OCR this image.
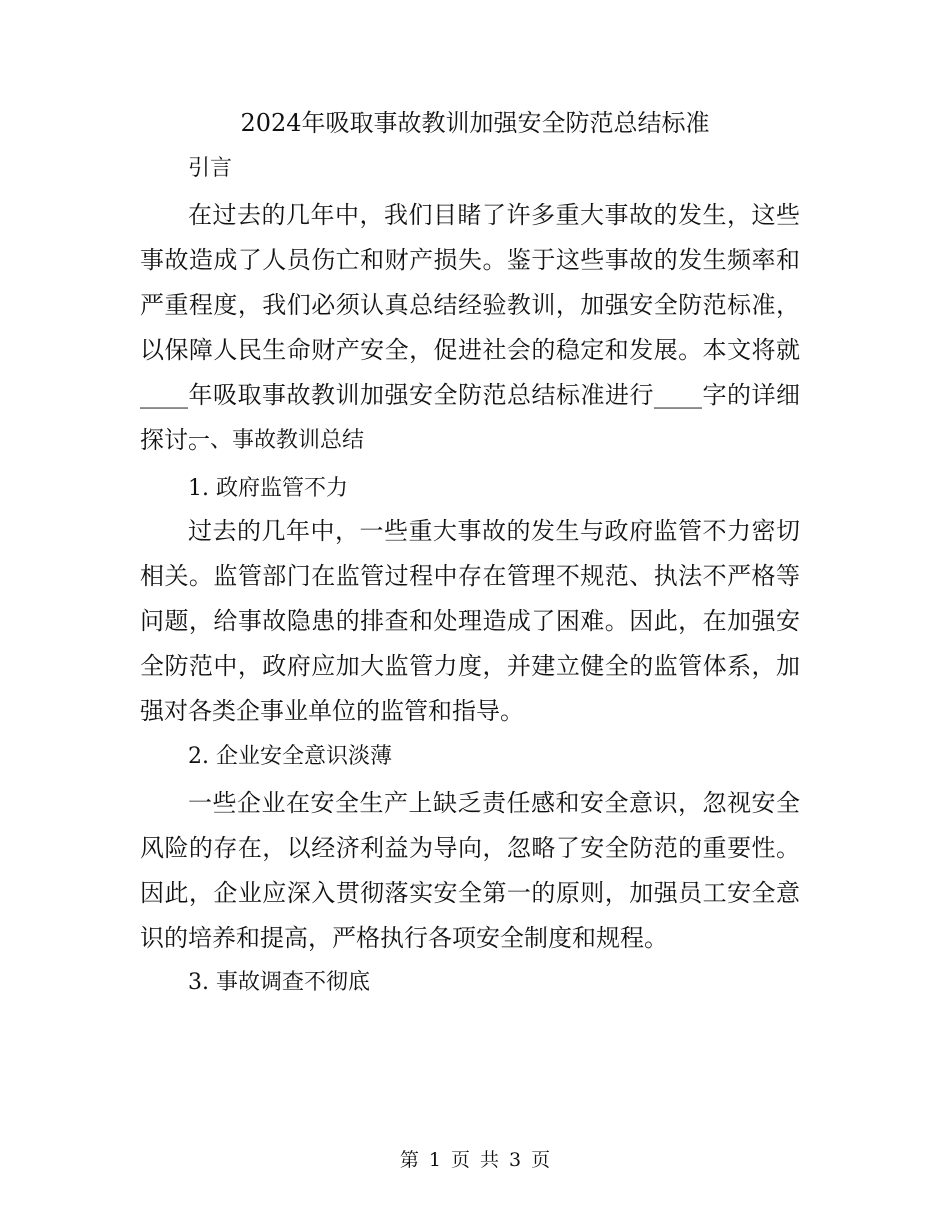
2024年吸取事故教训加强安全防范总结标准
引言

在过去的几年中，我们目睹了许多重大事故的发生，这些事故造成了人员伤亡和财产损失。鉴于这些事故的发生频率和严重程度，我们必须认真总结经验教训，加强安全防范标准，以保障人民生命财产安全，促进社会的稳定和发展。本文将就____年吸取事故教训加强安全防范总结标准进行____字的详细探讨。

一、事故教训总结
1. 政府监管不力

过去的几年中，一些重大事故的发生与政府监管不力密切相关。监管部门在监管过程中存在管理不规范、执法不严格等问题，给事故隐患的排查和处理造成了困难。因此，在加强安全防范中，政府应加大监管力度，并建立健全的监管体系，加强对各类企事业单位的监管和指导。

2. 企业安全意识淡薄

一些企业在安全生产上缺乏责任感和安全意识，忽视安全风险的存在，以经济利益为导向，忽略了安全防范的重要性。因此，企业应深入贯彻落实安全第一的原则，加强员工安全意识的培养和提高，严格执行各项安全制度和规程。

3. 事故调查不彻底
第 1 页 共 3 页
